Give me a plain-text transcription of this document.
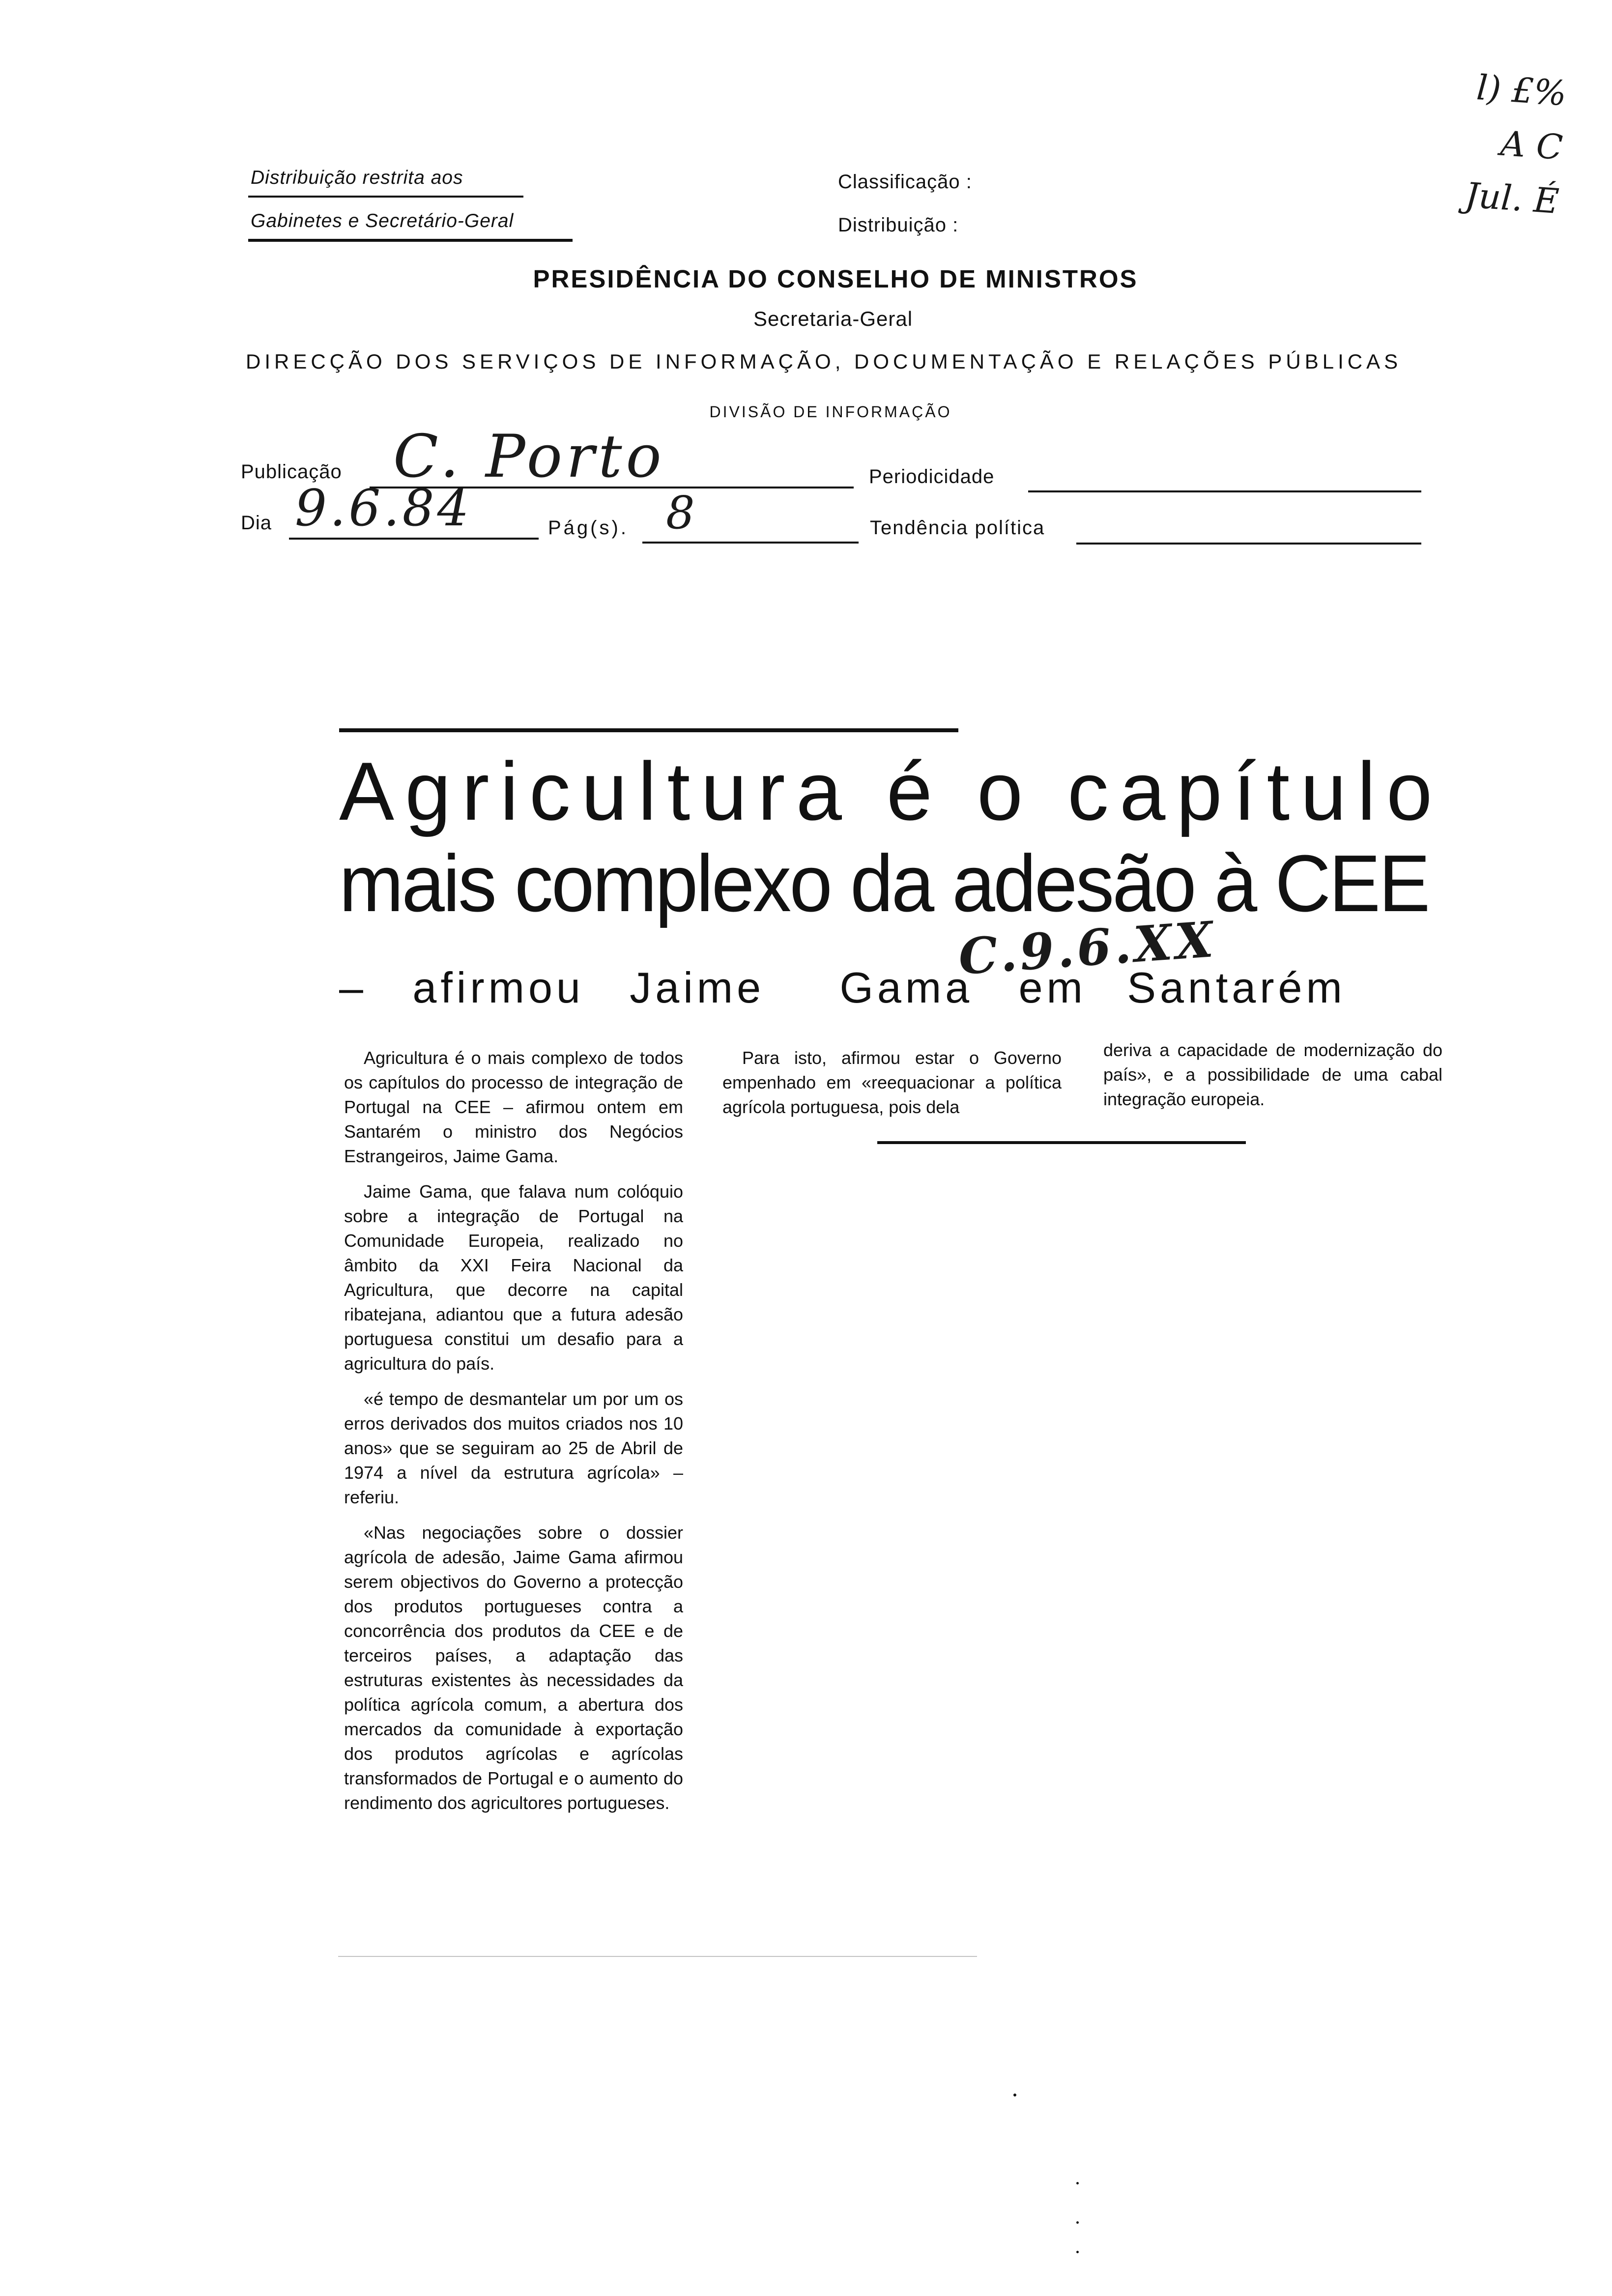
l) £%
A C
Jul. É
Distribuição restrita aos
Gabinetes e Secretário-Geral
Classificação :
Distribuição :
PRESIDÊNCIA DO CONSELHO DE MINISTROS
Secretaria-Geral
DIRECÇÃO DOS SERVIÇOS DE INFORMAÇÃO, DOCUMENTAÇÃO E RELAÇÕES PÚBLICAS
DIVISÃO DE INFORMAÇÃO
Publicação C. Porto	Periodicidade
Dia 9.6.84	Pág(s). 8	Tendência política
Agricultura é o capítulo
mais complexo da adesão à CEE
C.9.6.XX
– afirmou Jaime Gama em Santarém

Agricultura é o mais complexo de todos os capítulos do processo de integração de Portugal na CEE – afirmou ontem em Santarém o ministro dos Negócios Estrangeiros, Jaime Gama.

Jaime Gama, que falava num colóquio sobre a integração de Portugal na Comunidade Europeia, realizado no âmbito da XXI Feira Nacional da Agricultura, que decorre na capital ribatejana, adiantou que a futura adesão portuguesa constitui um desafio para a agricultura do país.

«é tempo de desmantelar um por um os erros derivados dos muitos criados nos 10 anos» que se seguiram ao 25 de Abril de 1974 a nível da estrutura agrícola» – referiu.

«Nas negociações sobre o dossier agrícola de adesão, Jaime Gama afirmou serem objectivos do Governo a protecção dos produtos portugueses contra a concorrência dos produtos da CEE e de terceiros países, a adaptação das estruturas existentes às necessidades da política agrícola comum, a abertura dos mercados da comunidade à exportação dos produtos agrícolas e agrícolas transformados de Portugal e o aumento do rendimento dos agricultores portugueses.

Para isto, afirmou estar o Governo empenhado em «reequacionar a política agrícola portuguesa, pois dela

deriva a capacidade de modernização do país», e a possibilidade de uma cabal integração europeia.
